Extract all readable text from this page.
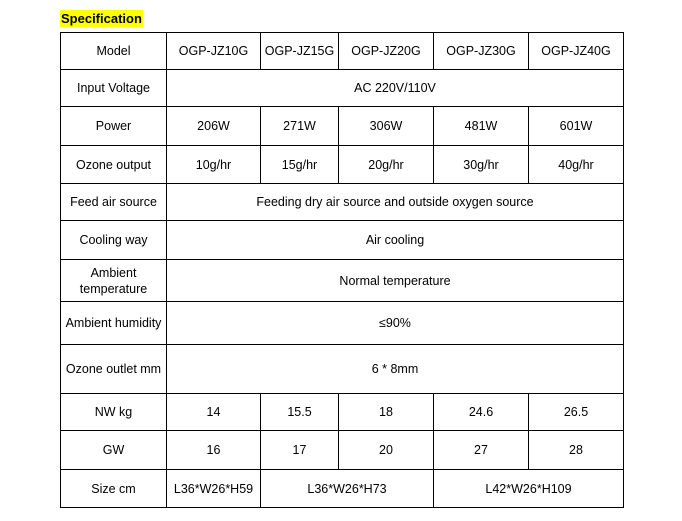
Specification
Model	OGP-JZ10G	OGP-JZ15G	OGP-JZ20G	OGP-JZ30G	OGP-JZ40G
Input Voltage	AC 220V/110V				
Power	206W	271W	306W	481W	601W
Ozone output	10g/hr	15g/hr	20g/hr	30g/hr	40g/hr
Feed air source	Feeding dry air source and outside oxygen source				
Cooling way	Air cooling				
Ambient
temperature	Normal temperature				
Ambient humidity	≤90%				
Ozone outlet mm	6 * 8mm				
NW kg	14	15.5	18	24.6	26.5
GW	16	17	20	27	28
Size cm	L36*W26*H59	L36*W26*H73		L42*W26*H109	
